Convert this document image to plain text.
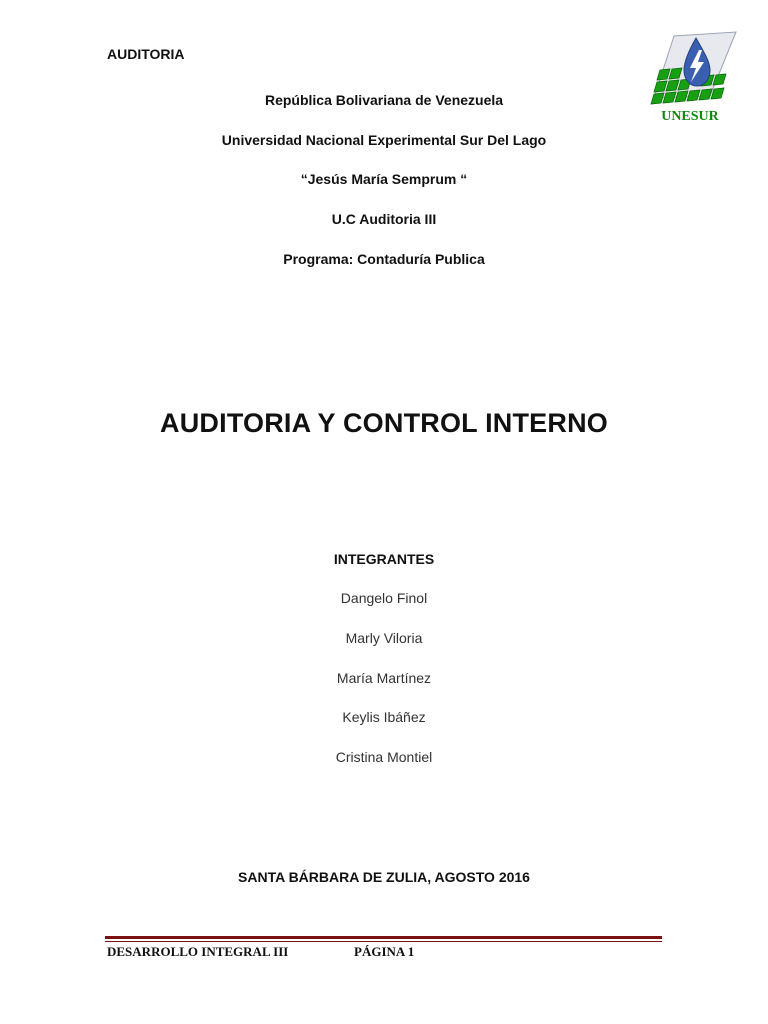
AUDITORIA
UNESUR
República Bolivariana de Venezuela
Universidad Nacional Experimental Sur Del Lago
“Jesús María Semprum “
U.C Auditoria III
Programa: Contaduría Publica
AUDITORIA Y CONTROL INTERNO
INTEGRANTES
Dangelo Finol
Marly Viloria
María Martínez
Keylis Ibáñez
Cristina Montiel
SANTA BÁRBARA DE ZULIA, AGOSTO 2016
DESARROLLO INTEGRAL III	PÁGINA 1
